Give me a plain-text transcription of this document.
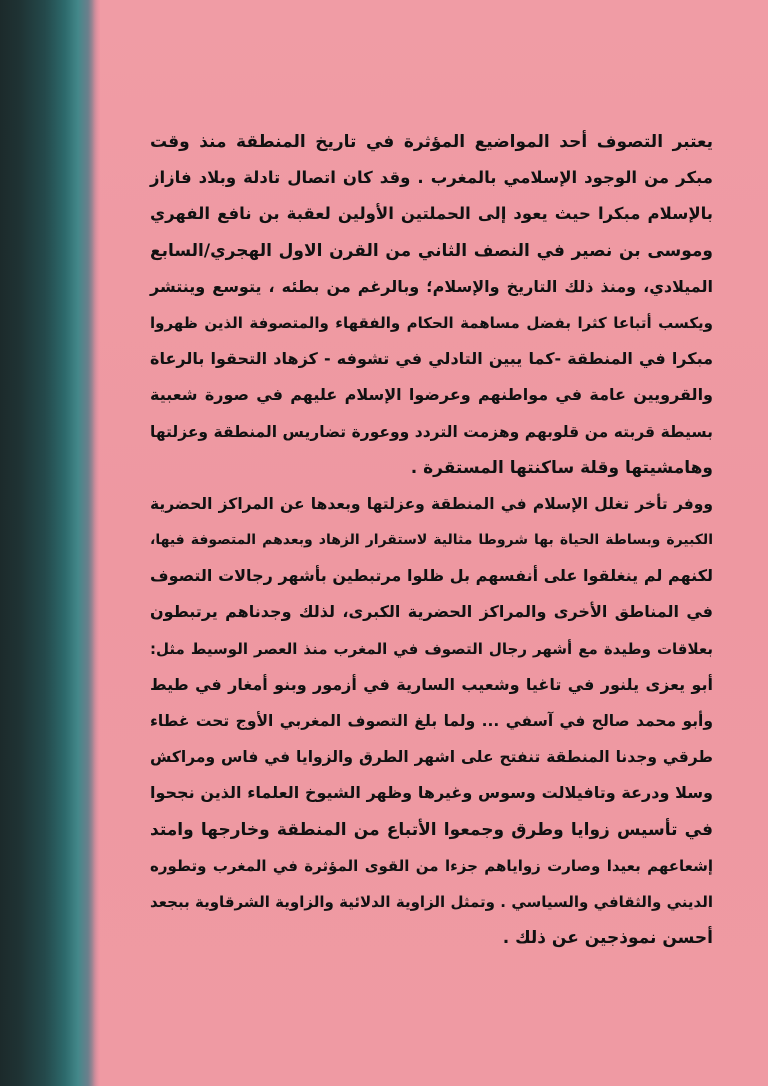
يعتبر التصوف أحد المواضيع المؤثرة في تاريخ المنطقة منذ وقت
مبكر من الوجود الإسلامي بالمغرب . وقد كان اتصال تادلة وبلاد فازاز
بالإسلام مبكرا حيث يعود إلى الحملتين الأولين لعقبة بن نافع الفهري
وموسى بن نصير في النصف الثاني من القرن الاول الهجري/السابع
الميلادي، ومنذ ذلك التاريخ والإسلام؛ وبالرغم من بطئه ، يتوسع وينتشر
ويكسب أتباعا كثرا بفضل مساهمة الحكام والفقهاء والمتصوفة الذين ظهروا
مبكرا في المنطقة -كما يبين التادلي في تشوفه - كزهاد التحقوا بالرعاة
والقرويين عامة في مواطنهم وعرضوا الإسلام عليهم في صورة شعبية
بسيطة قربته من قلوبهم وهزمت التردد ووعورة تضاريس المنطقة وعزلتها
وهامشيتها وقلة ساكنتها المستقرة .
ووفر تأخر تغلل الإسلام في المنطقة وعزلتها وبعدها عن المراكز الحضرية
الكبيرة وبساطة الحياة بها شروطا مثالية لاستقرار الزهاد وبعدهم المتصوفة فيها،
لكنهم لم ينغلقوا على أنفسهم بل ظلوا مرتبطين بأشهر رجالات التصوف
في المناطق الأخرى والمراكز الحضرية الكبرى، لذلك وجدناهم يرتبطون
بعلاقات وطيدة مع أشهر رجال التصوف في المغرب منذ العصر الوسيط مثل:
أبو يعزى يلنور في تاغيا وشعيب السارية في أزمور وبنو أمغار في طيط
وأبو محمد صالح في آسفي ... ولما بلغ التصوف المغربي الأوج تحت غطاء
طرقي وجدنا المنطقة تنفتح على اشهر الطرق والزوايا في فاس ومراكش
وسلا ودرعة وتافيلالت وسوس وغيرها وظهر الشيوخ العلماء الذين نجحوا
في تأسيس زوايا وطرق وجمعوا الأتباع من المنطقة وخارجها وامتد
إشعاعهم بعيدا وصارت زواياهم جزءا من القوى المؤثرة في المغرب وتطوره
الديني والثقافي والسياسي . وتمثل الزاوية الدلائية والزاوية الشرقاوية ببجعد
أحسن نموذجين عن ذلك .
